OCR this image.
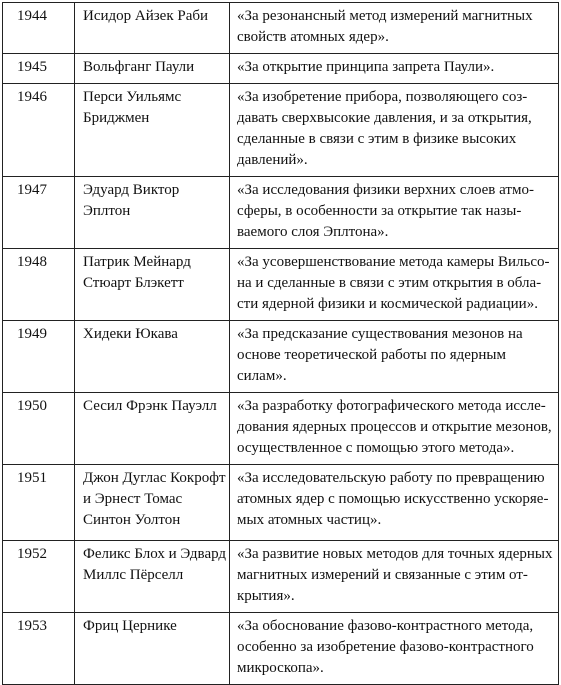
1944	Исидор Айзек Раби	«За резонансный метод измерений магнитных
свойств атомных ядер».

1945	Вольфганг Паули	«За открытие принципа запрета Паули».

1946	Перси Уильямс
Бриджмен	«За изобретение прибора, позволяющего соз-
давать сверхвысокие давления, и за открытия,
сделанные в связи с этим в физике высоких
давлений».

1947	Эдуард Виктор
Эплтон	«За исследования физики верхних слоев атмо-
сферы, в особенности за открытие так назы-
ваемого слоя Эплтона».

1948	Патрик Мейнард
Стюарт Блэкетт	«За усовершенствование метода камеры Вильсо-
на и сделанные в связи с этим открытия в обла-
сти ядерной физики и космической радиации».

1949	Хидеки Юкава	«За предсказание существования мезонов на
основе теоретической работы по ядерным
силам».

1950	Сесил Фрэнк Пауэлл	«За разработку фотографического метода иссле-
дования ядерных процессов и открытие мезонов,
осуществленное с помощью этого метода».

1951	Джон Дуглас Кокрофт
и Эрнест Томас
Синтон Уолтон	«За исследовательскую работу по превращению
атомных ядер с помощью искусственно ускоряе-
мых атомных частиц».

1952	Феликс Блох и Эдвард
Миллс Пёрселл	«За развитие новых методов для точных ядерных
магнитных измерений и связанные с этим от-
крытия».

1953	Фриц Цернике	«За обоснование фазово-контрастного метода,
особенно за изобретение фазово-контрастного
микроскопа».
